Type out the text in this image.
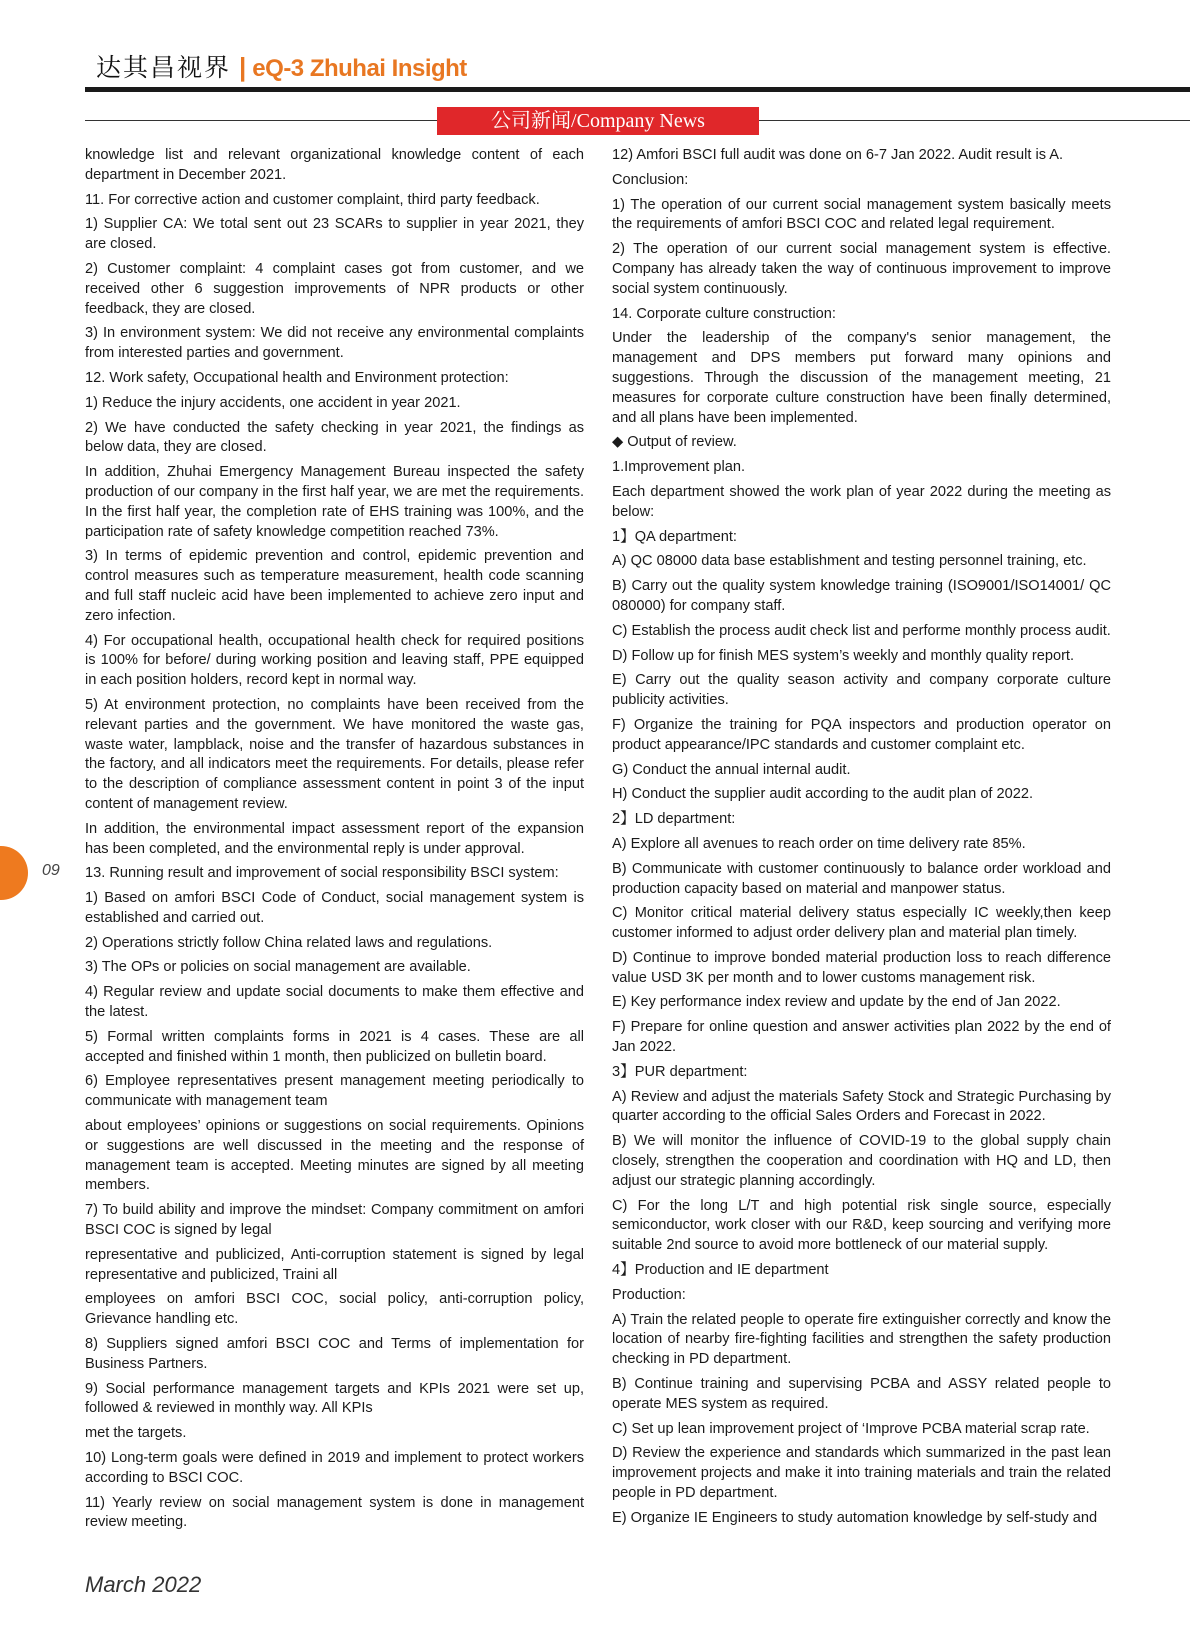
达其昌视界 | eQ-3 Zhuhai Insight
公司新闻/Company News

knowledge list and relevant organizational knowledge content of each department in December 2021.

11. For corrective action and customer complaint, third party feedback.

1) Supplier CA: We total sent out 23 SCARs to supplier in year 2021, they are closed.

2) Customer complaint: 4 complaint cases got from customer, and we received other 6 suggestion improvements of NPR products or other feedback, they are closed.

3) In environment system: We did not receive any environmental complaints from interested parties and government.

12. Work safety, Occupational health and Environment protection:

1) Reduce the injury accidents, one accident in year 2021.

2) We have conducted the safety checking in year 2021, the findings as below data, they are closed.

In addition, Zhuhai Emergency Management Bureau inspected the safety production of our company in the first half year, we are met the requirements. In the first half year, the completion rate of EHS training was 100%, and the participation rate of safety knowledge competition reached 73%.

3) In terms of epidemic prevention and control, epidemic prevention and control measures such as temperature measurement, health code scanning and full staff nucleic acid have been implemented to achieve zero input and zero infection.

4) For occupational health, occupational health check for required positions is 100% for before/ during working position and leaving staff, PPE equipped in each position holders, record kept in normal way.

5) At environment protection, no complaints have been received from the relevant parties and the government. We have monitored the waste gas, waste water, lampblack, noise and the transfer of hazardous substances in the factory, and all indicators meet the requirements. For details, please refer to the description of compliance assessment content in point 3 of the input content of management review.

In addition, the environmental impact assessment report of the expansion has been completed, and the environmental reply is under approval.

13. Running result and improvement of social responsibility BSCI system:

1) Based on amfori BSCI Code of Conduct, social management system is established and carried out.

2) Operations strictly follow China related laws and regulations.

3) The OPs or policies on social management are available.

4) Regular review and update social documents to make them effective and the latest.

5) Formal written complaints forms in 2021 is 4 cases. These are all accepted and finished within 1 month, then publicized on bulletin board.

6) Employee representatives present management meeting periodically to communicate with management team

about employees’ opinions or suggestions on social requirements. Opinions or suggestions are well discussed in the meeting and the response of management team is accepted. Meeting minutes are signed by all meeting members.

7) To build ability and improve the mindset: Company commitment on amfori BSCI COC is signed by legal

representative and publicized, Anti-corruption statement is signed by legal representative and publicized, Traini all

employees on amfori BSCI COC, social policy, anti-corruption policy, Grievance handling etc.

8) Suppliers signed amfori BSCI COC and Terms of implementation for Business Partners.

9) Social performance management targets and KPIs 2021 were set up, followed & reviewed in monthly way. All KPIs

met the targets.

10) Long-term goals were defined in 2019 and implement to protect workers according to BSCI COC.

11) Yearly review on social management system is done in management review meeting.

12) Amfori BSCI full audit was done on 6-7 Jan 2022. Audit result is A.

Conclusion:

1) The operation of our current social management system basically meets the requirements of amfori BSCI COC and related legal requirement.

2) The operation of our current social management system is effective. Company has already taken the way of continuous improvement to improve social system continuously.

14. Corporate culture construction:

Under the leadership of the company's senior management, the management and DPS members put forward many opinions and suggestions. Through the discussion of the management meeting, 21 measures for corporate culture construction have been finally determined, and all plans have been implemented.

◆ Output of review.

1.Improvement plan.

Each department showed the work plan of year 2022 during the meeting as below:

1】QA department:

A) QC 08000 data base establishment and testing personnel training, etc.

B) Carry out the quality system knowledge training (ISO9001/ISO14001/ QC 080000) for company staff.

C) Establish the process audit check list and performe monthly process audit.

D) Follow up for finish MES system’s weekly and monthly quality report.

E) Carry out the quality season activity and company corporate culture publicity activities.

F) Organize the training for PQA inspectors and production operator on product appearance/IPC standards and customer complaint etc.

G) Conduct the annual internal audit.

H) Conduct the supplier audit according to the audit plan of 2022.

2】LD department:

A) Explore all avenues to reach order on time delivery rate 85%.

B) Communicate with customer continuously to balance order workload and production capacity based on material and manpower status.

C) Monitor critical material delivery status especially IC weekly,then keep customer informed to adjust order delivery plan and material plan timely.

D) Continue to improve bonded material production loss to reach difference value USD 3K per month and to lower customs management risk.

E) Key performance index review and update by the end of Jan 2022.

F) Prepare for online question and answer activities plan 2022 by the end of Jan 2022.

3】PUR department:

A) Review and adjust the materials Safety Stock and Strategic Purchasing by quarter according to the official Sales Orders and Forecast in 2022.

B) We will monitor the influence of COVID-19 to the global supply chain closely, strengthen the cooperation and coordination with HQ and LD, then adjust our strategic planning accordingly.

C) For the long L/T and high potential risk single source, especially semiconductor, work closer with our R&D, keep sourcing and verifying more suitable 2nd source to avoid more bottleneck of our material supply.

4】Production and IE department

Production:

A) Train the related people to operate fire extinguisher correctly and know the location of nearby fire-fighting facilities and strengthen the safety production checking in PD department.

B) Continue training and supervising PCBA and ASSY related people to operate MES system as required.

C) Set up lean improvement project of ‘Improve PCBA material scrap rate.

D) Review the experience and standards which summarized in the past lean improvement projects and make it into training materials and train the related people in PD department.

E) Organize IE Engineers to study automation knowledge by self-study and

09
March 2022
